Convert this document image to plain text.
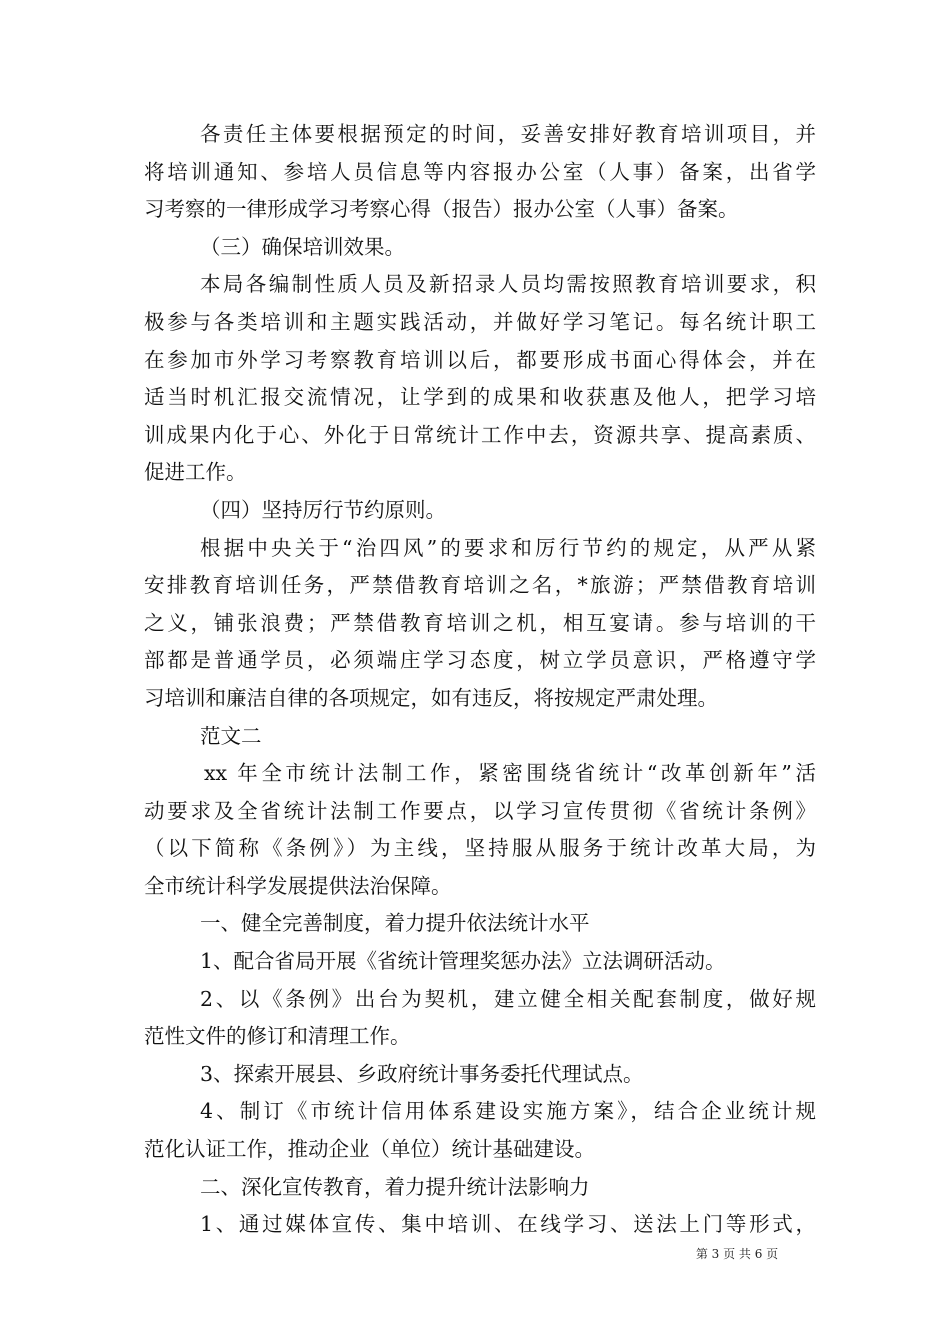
各责任主体要根据预定的时间，妥善安排好教育培训项目，并
将培训通知、参培人员信息等内容报办公室（人事）备案，出省学
习考察的一律形成学习考察心得（报告）报办公室（人事）备案。
（三）确保培训效果。
本局各编制性质人员及新招录人员均需按照教育培训要求，积
极参与各类培训和主题实践活动，并做好学习笔记。每名统计职工
在参加市外学习考察教育培训以后，都要形成书面心得体会，并在
适当时机汇报交流情况，让学到的成果和收获惠及他人，把学习培
训成果内化于心、外化于日常统计工作中去，资源共享、提高素质、
促进工作。
（四）坚持厉行节约原则。
根据中央关于“治四风”的要求和厉行节约的规定，从严从紧
安排教育培训任务，严禁借教育培训之名，*旅游；严禁借教育培训
之义，铺张浪费；严禁借教育培训之机，相互宴请。参与培训的干
部都是普通学员，必须端庄学习态度，树立学员意识，严格遵守学
习培训和廉洁自律的各项规定，如有违反，将按规定严肃处理。
范文二
xx 年全市统计法制工作，紧密围绕省统计“改革创新年”活
动要求及全省统计法制工作要点，以学习宣传贯彻《省统计条例》
（以下简称《条例》）为主线，坚持服从服务于统计改革大局，为
全市统计科学发展提供法治保障。
一、健全完善制度，着力提升依法统计水平
1、配合省局开展《省统计管理奖惩办法》立法调研活动。
2、以《条例》出台为契机，建立健全相关配套制度，做好规
范性文件的修订和清理工作。
3、探索开展县、乡政府统计事务委托代理试点。
4、制订《市统计信用体系建设实施方案》，结合企业统计规
范化认证工作，推动企业（单位）统计基础建设。
二、深化宣传教育，着力提升统计法影响力
1、通过媒体宣传、集中培训、在线学习、送法上门等形式，
第 3 页 共 6 页
